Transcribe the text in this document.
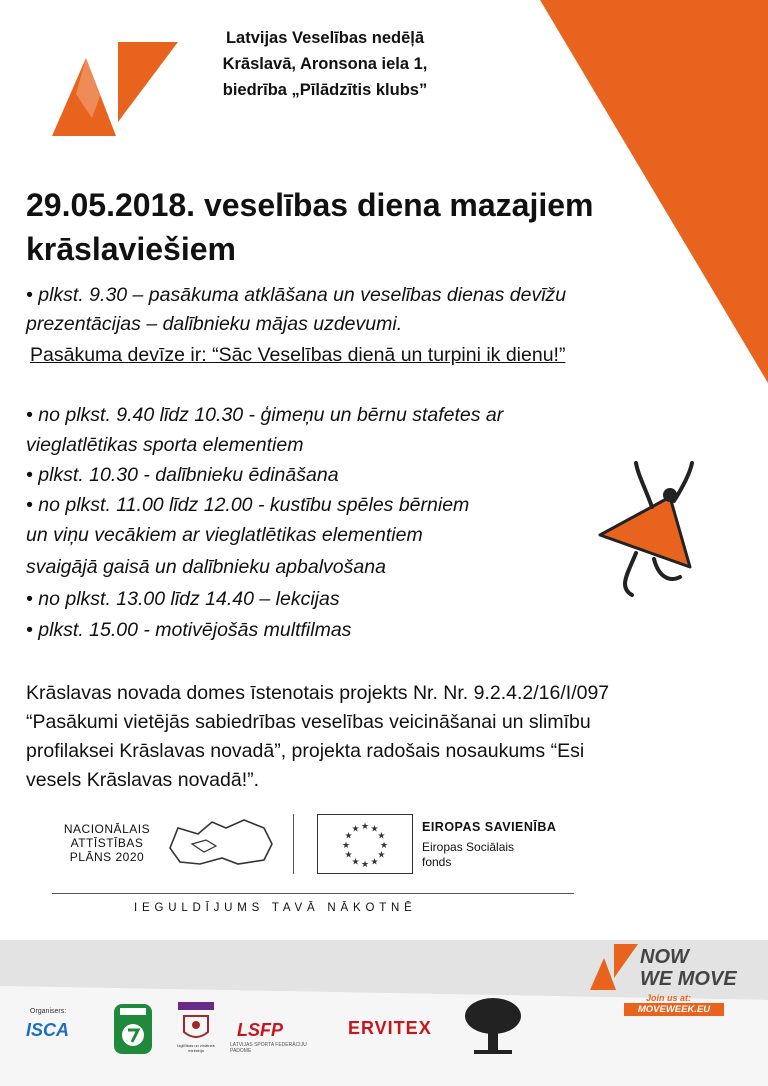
Latvijas Veselības nedēļā
Krāslavā, Aronsona iela 1,
biedrība „Pīlādzītis klubs”
29.05.2018. veselības diena mazajiem
krāslaviešiem
• plkst. 9.30 – pasākuma atklāšana un veselības dienas devīžu
prezentācijas – dalībnieku mājas uzdevumi.
Pasākuma devīze ir: “Sāc Veselības dienā un turpini ik dienu!”
• no plkst. 9.40 līdz 10.30 - ģimeņu un bērnu stafetes ar
vieglatlētikas sporta elementiem
• plkst. 10.30 - dalībnieku ēdināšana
• no plkst. 11.00 līdz 12.00 - kustību spēles bērniem
un viņu vecākiem ar vieglatlētikas elementiem
svaigājā gaisā un dalībnieku apbalvošana
• no plkst. 13.00 līdz 14.40 – lekcijas
• plkst. 15.00 - motivējošās multfilmas
Krāslavas novada domes īstenotais projekts Nr. Nr. 9.2.4.2/16/I/097
“Pasākumi vietējās sabiedrības veselības veicināšanai un slimību
profilaksei Krāslavas novadā”, projekta radošais nosaukums “Esi
vesels Krāslavas novadā!”.
NACIONĀLAIS
ATTĪSTĪBAS
PLĀNS 2020
★ ★
★
★
★
★
★
★
★
★
★
★	EIROPAS SAVIENĪBA
Eiropas Sociālais
fonds
IEGULDĪJUMS TAVĀ NĀKOTNĒ
NOW
WE MOVE
Join us at:
MOVEWEEK.EU
Organisers:
ISCA
Izglītības un zinātnes ministrija
LSFP
LATVIJAS SPORTA FEDERĀCIJU PADOME
ERVITEX
